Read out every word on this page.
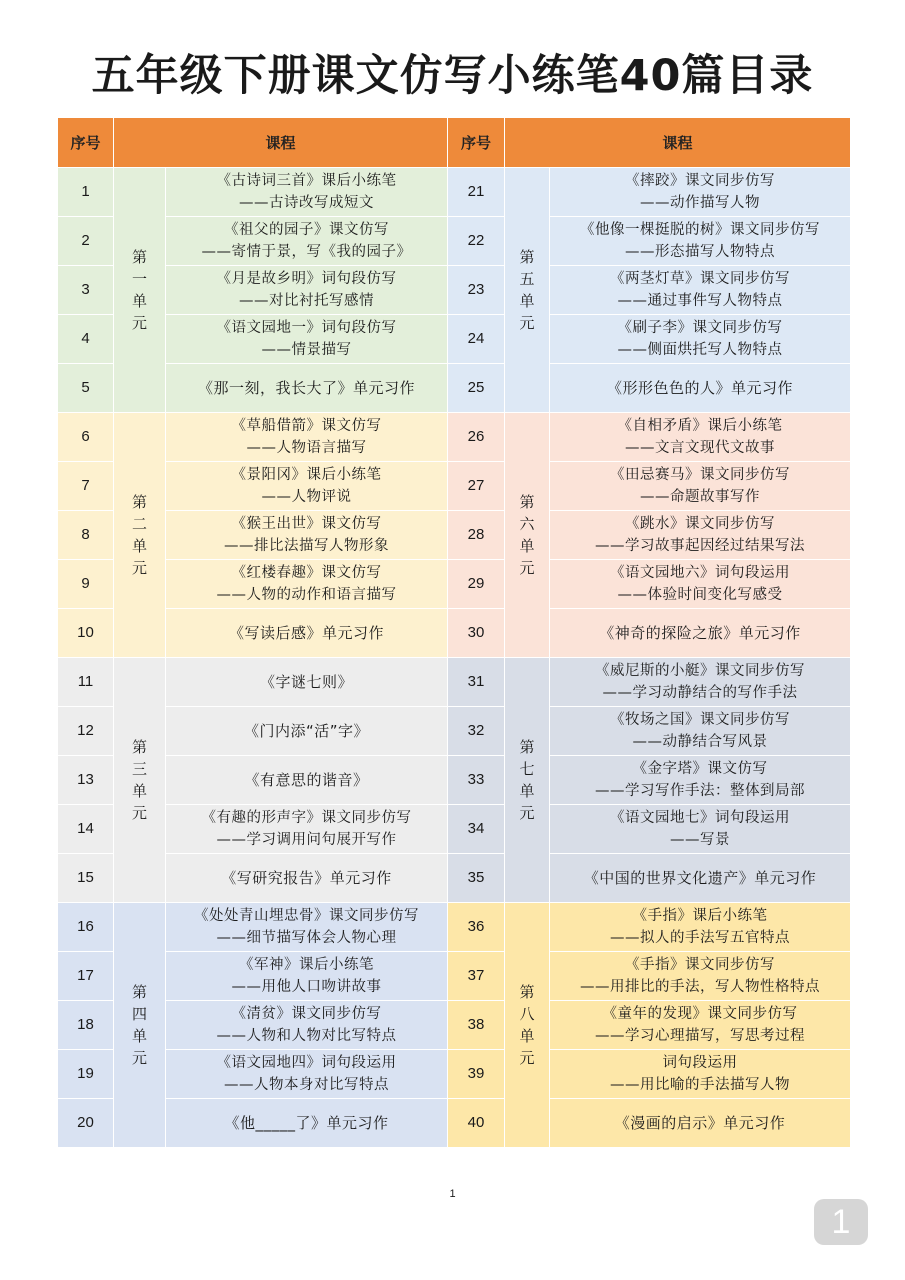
五年级下册课文仿写小练笔40篇目录
序号	课程		序号	课程	
1	第
一
单
元	《古诗词三首》课后小练笔
——古诗改写成短文	21	第
五
单
元	《摔跤》课文同步仿写
——动作描写人物

2		《祖父的园子》课文仿写
——寄情于景，写《我的园子》	22		《他像一棵挺脱的树》课文同步仿写
——形态描写人物特点

3		《月是故乡明》词句段仿写
——对比衬托写感情	23		《两茎灯草》课文同步仿写
——通过事件写人物特点

4		《语文园地一》词句段仿写
——情景描写	24		《刷子李》课文同步仿写
——侧面烘托写人物特点

5		《那一刻，我长大了》单元习作	25		《形形色色的人》单元习作
6	第
二
单
元	《草船借箭》课文仿写
——人物语言描写	26	第
六
单
元	《自相矛盾》课后小练笔
——文言文现代文故事

7		《景阳冈》课后小练笔
——人物评说	27		《田忌赛马》课文同步仿写
——命题故事写作

8		《猴王出世》课文仿写
——排比法描写人物形象	28		《跳水》课文同步仿写
——学习故事起因经过结果写法

9		《红楼春趣》课文仿写
——人物的动作和语言描写	29		《语文园地六》词句段运用
——体验时间变化写感受

10		《写读后感》单元习作	30		《神奇的探险之旅》单元习作
11	第
三
单
元	《字谜七则》	31	第
七
单
元	《威尼斯的小艇》课文同步仿写
——学习动静结合的写作手法

12		《门内添“活”字》	32		《牧场之国》课文同步仿写
——动静结合写风景

13		《有意思的谐音》	33		《金字塔》课文仿写
——学习写作手法：整体到局部

14		《有趣的形声字》课文同步仿写
——学习调用问句展开写作	34		《语文园地七》词句段运用
——写景

15		《写研究报告》单元习作	35		《中国的世界文化遗产》单元习作
16	第
四
单
元	《处处青山埋忠骨》课文同步仿写
——细节描写体会人物心理	36	第
八
单
元	《手指》课后小练笔
——拟人的手法写五官特点

17		《军神》课后小练笔
——用他人口吻讲故事	37		《手指》课文同步仿写
——用排比的手法，写人物性格特点

18		《清贫》课文同步仿写
——人物和人物对比写特点	38		《童年的发现》课文同步仿写
——学习心理描写，写思考过程

19		《语文园地四》词句段运用
——人物本身对比写特点	39		词句段运用
——用比喻的手法描写人物

20		《他_____了》单元习作	40		《漫画的启示》单元习作
1
1
